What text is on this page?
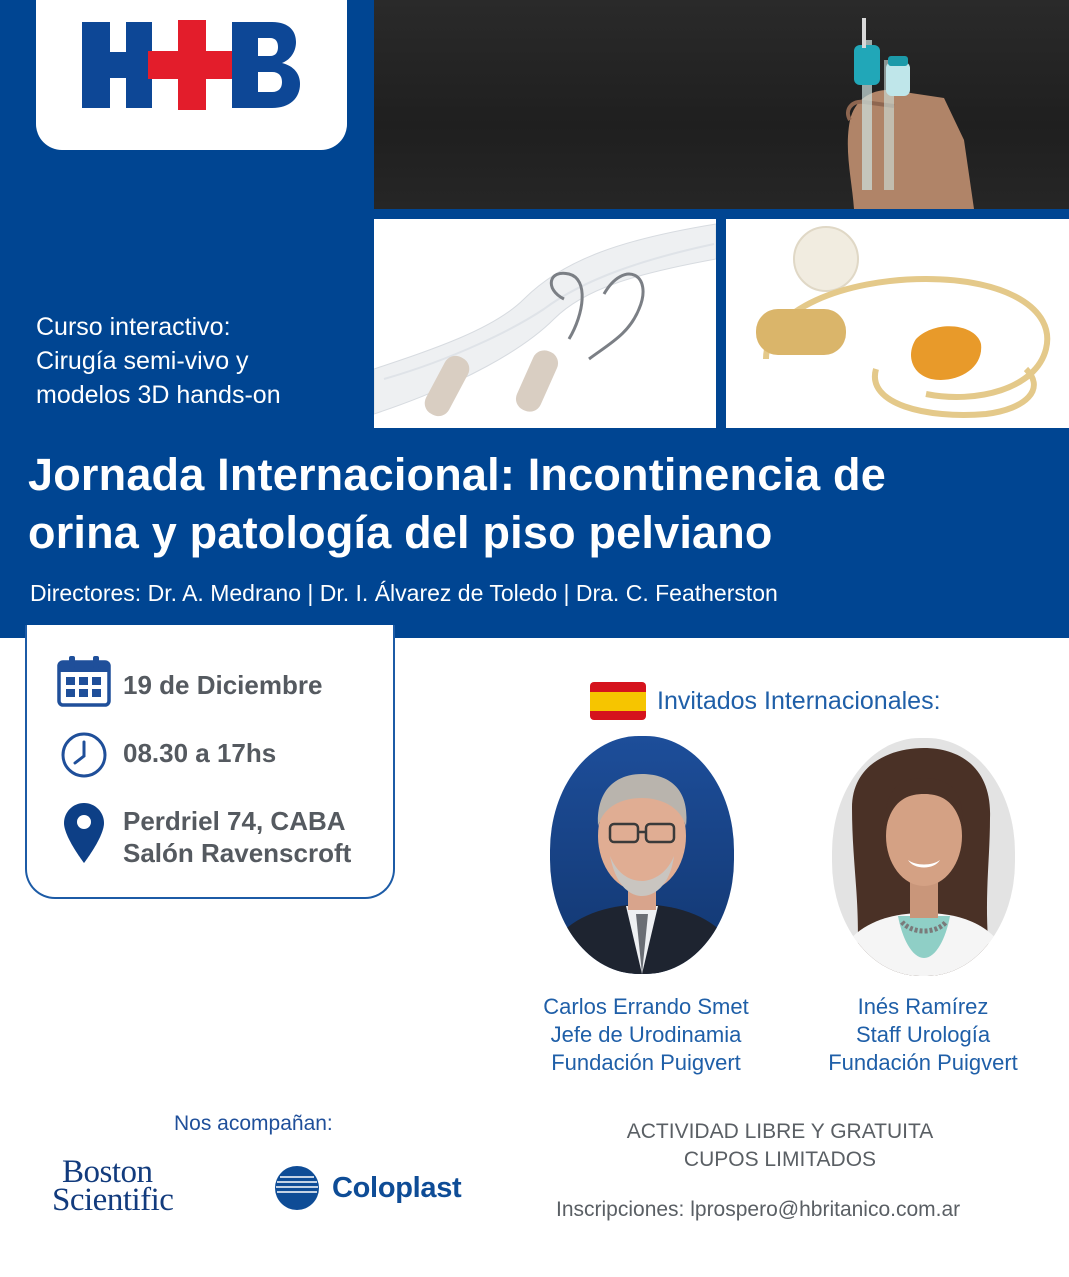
Curso interactivo:
Cirugía semi-vivo y
modelos 3D hands-on
Jornada Internacional: Incontinencia de
orina y patología del piso pelviano
Directores: Dr. A. Medrano | Dr. I. Álvarez de Toledo | Dra. C. Featherston
19 de Diciembre
08.30 a 17hs
Perdriel 74, CABA
Salón Ravenscroft
Invitados Internacionales:
Carlos Errando Smet
Jefe de Urodinamia
Fundación Puigvert
Inés Ramírez
Staff Urología
Fundación Puigvert
Nos acompañan:
Boston
Scientific	Coloplast
ACTIVIDAD LIBRE Y GRATUITA
CUPOS LIMITADOS
Inscripciones: lprospero@hbritanico.com.ar
